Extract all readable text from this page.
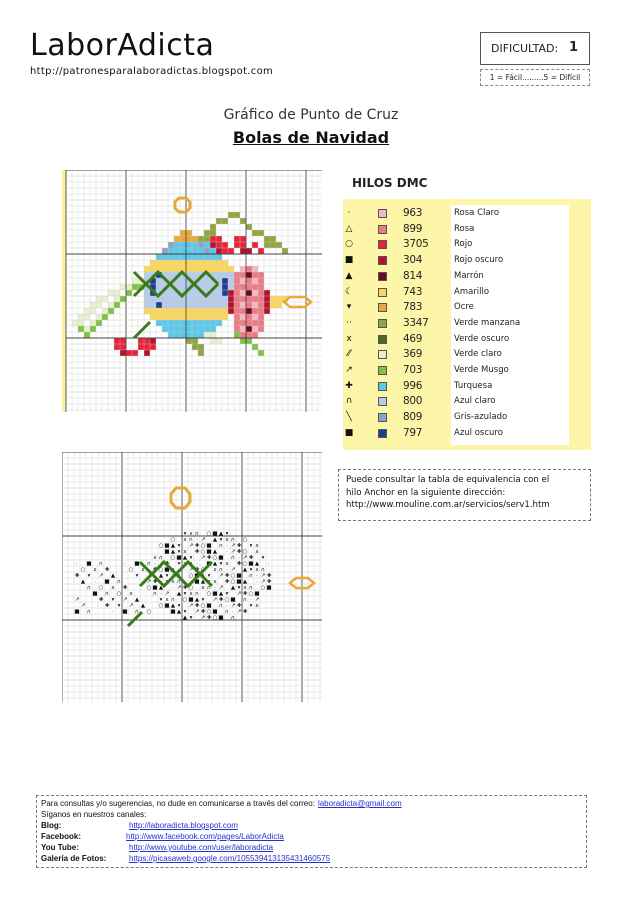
LaborAdicta
http://patronesparalaboradictas.blogspot.com
DIFICULTAD: 1
1 = Fácil.........5 = Difícil
Gráfico de Punto de Cruz
Bolas de Navidad
▾ x ∩ ○ ■ ▲ ▾
○ x ∩ · ↗ ▲ ▾ x ∩ ○
○ ■ ▲ ▾ ↗ ✚ ○ ■ ∩ · ↗ ✚ ▾ x
■ ▲ ▾ x ✚ ○ ■ ▲ · ↗ ✚ ○ x
x ∩ ○ ■ ▲ ▾ ↗ ✚ ○ ■ ∩ · ↗ ✚ ▾
· ■ ∩	· ■ ∩ · ↗ ✚ ▾ x ∩ · ■ ▲ ▾ x ✚ ○ ■ ▲ ·
○ x ✚	○ x ✚ ○ ■ ▲ · ↗ ✚ ○ x ∩ · ↗ ▲ ▾ x ∩
✚ ▾ ↗ ▲	▾ ↗ ▲ ▾ x ∩ ○ ■ ▲ ▾ ↗ ✚ ○ ■ ∩ · ↗ ✚
▲ · ■ ∩	· ↗ ✚ ▾ x ∩ · ■ ▲ ▾ x ✚ ○ ■ ▲ · ↗ ✚
∩ ○ x ✚	○ ■ ▲ · ↗ ✚ ○ x ∩ · ↗ ▲ ▾ x ∩ ○ ■
■ ∩ ○ x	∩ · ↗ ▲ ▾ x ∩ ○ ■ ▲ ▾ ↗ ✚ ○ ■
↗	✚ ▾ ↗ ▲	▾ x ∩ ○ ■ ▲ ▾ ↗ ✚ ○ ■ ∩ · ↗
↗	✚ ▾ ↗ ▲ ○ ■ ▲ ▾ ↗ ✚ ○ ■ ∩ · ↗ ✚ ▾ x
■ ∩	· ■ ∩ ○	■ ▲ ▾ ↗ ✚ ○ ■ ∩ · ↗ ✚
▲ ▾ ↗ ✚ ○ ■ ∩
HILOS DMC
·	963	Rosa Claro
△	899	Rosa
○	3705	Rojo
■	304	Rojo oscuro
▲	814	Marrón
☾	743	Amarillo
▾	783	Ocre
··	3347	Verde manzana
x	469	Verde oscuro
⁄⁄	369	Verde claro
↗	703	Verde Musgo
✚	996	Turquesa
∩	800	Azul claro
╲	809	Gris-azulado
■	797	Azul oscuro
Puede consultar la tabla de equivalencia con el
hilo Anchor en la siguiente dirección:
http://www.mouline.com.ar/servicios/serv1.htm
Para consultas y/o sugerencias, no dude en comunicarse a través del correo: laboradicta@gmail.com
Síganos en nuestros canales:
Blog:	http://laboradicta.blogspot.com
Facebook:	http://www.facebook.com/pages/LaborAdicta
You Tube:	http://www.youtube.com/user/laboradicta
Galería de Fotos:	https://picasaweb.google.com/105539413135431460575
